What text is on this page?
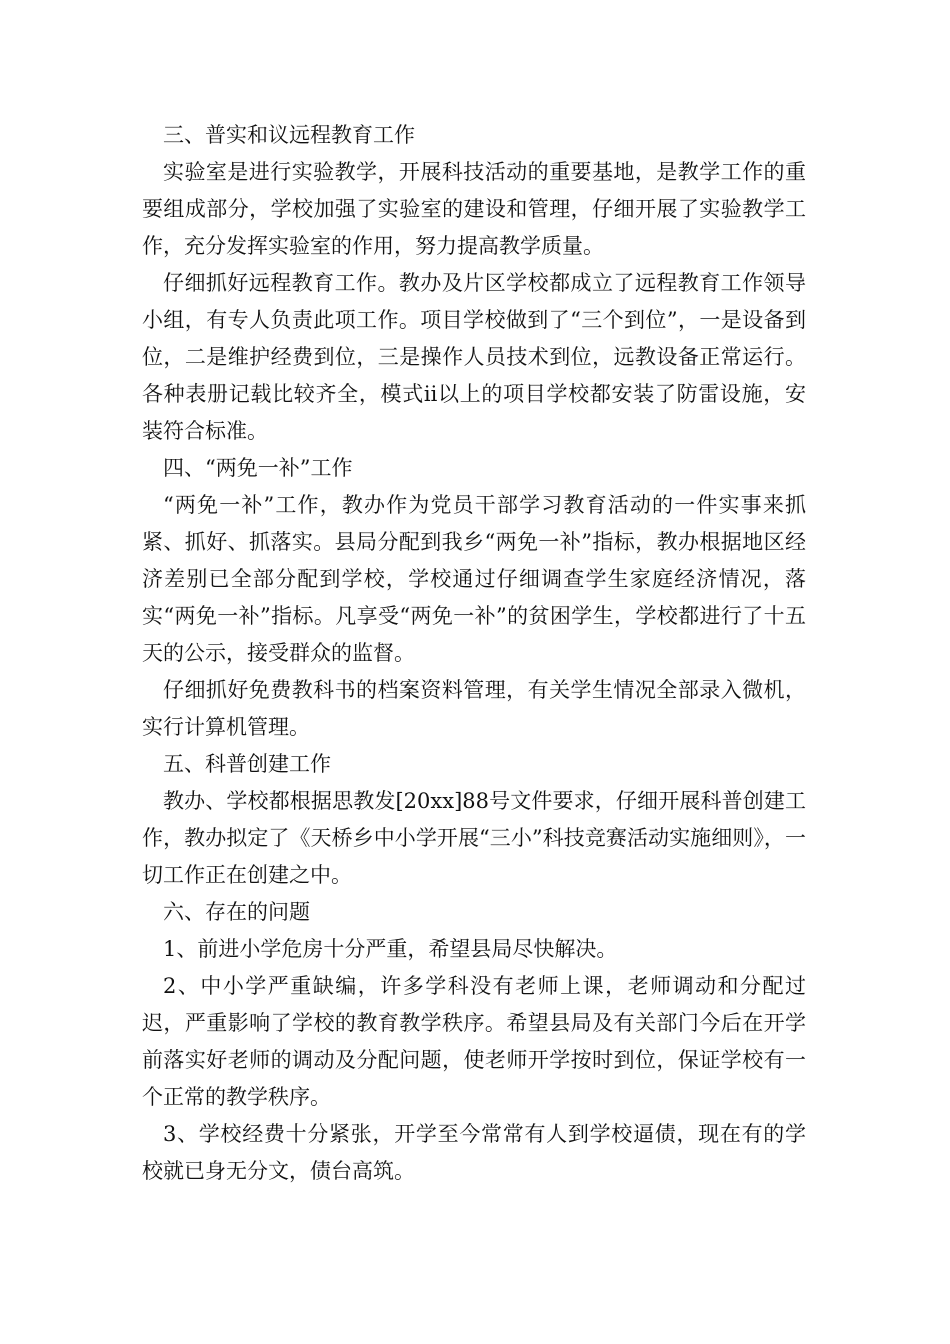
三、普实和议远程教育工作

实验室是进行实验教学，开展科技活动的重要基地，是教学工作的重要组成部分，学校加强了实验室的建设和管理，仔细开展了实验教学工作，充分发挥实验室的作用，努力提高教学质量。

仔细抓好远程教育工作。教办及片区学校都成立了远程教育工作领导小组，有专人负责此项工作。项目学校做到了“三个到位”，一是设备到位，二是维护经费到位，三是操作人员技术到位，远教设备正常运行。各种表册记载比较齐全，模式ⅱ以上的项目学校都安装了防雷设施，安装符合标准。

四、“两免一补”工作

“两免一补”工作，教办作为党员干部学习教育活动的一件实事来抓紧、抓好、抓落实。县局分配到我乡“两免一补”指标，教办根据地区经济差别已全部分配到学校，学校通过仔细调查学生家庭经济情况，落实“两免一补”指标。凡享受“两免一补”的贫困学生，学校都进行了十五天的公示，接受群众的监督。

仔细抓好免费教科书的档案资料管理，有关学生情况全部录入微机，实行计算机管理。

五、科普创建工作

教办、学校都根据思教发[20xx]88号文件要求，仔细开展科普创建工作，教办拟定了《天桥乡中小学开展“三小”科技竞赛活动实施细则》，一切工作正在创建之中。

六、存在的问题

1、前进小学危房十分严重，希望县局尽快解决。

2、中小学严重缺编，许多学科没有老师上课，老师调动和分配过迟，严重影响了学校的教育教学秩序。希望县局及有关部门今后在开学前落实好老师的调动及分配问题，使老师开学按时到位，保证学校有一个正常的教学秩序。

3、学校经费十分紧张，开学至今常常有人到学校逼债，现在有的学校就已身无分文，债台高筑。
